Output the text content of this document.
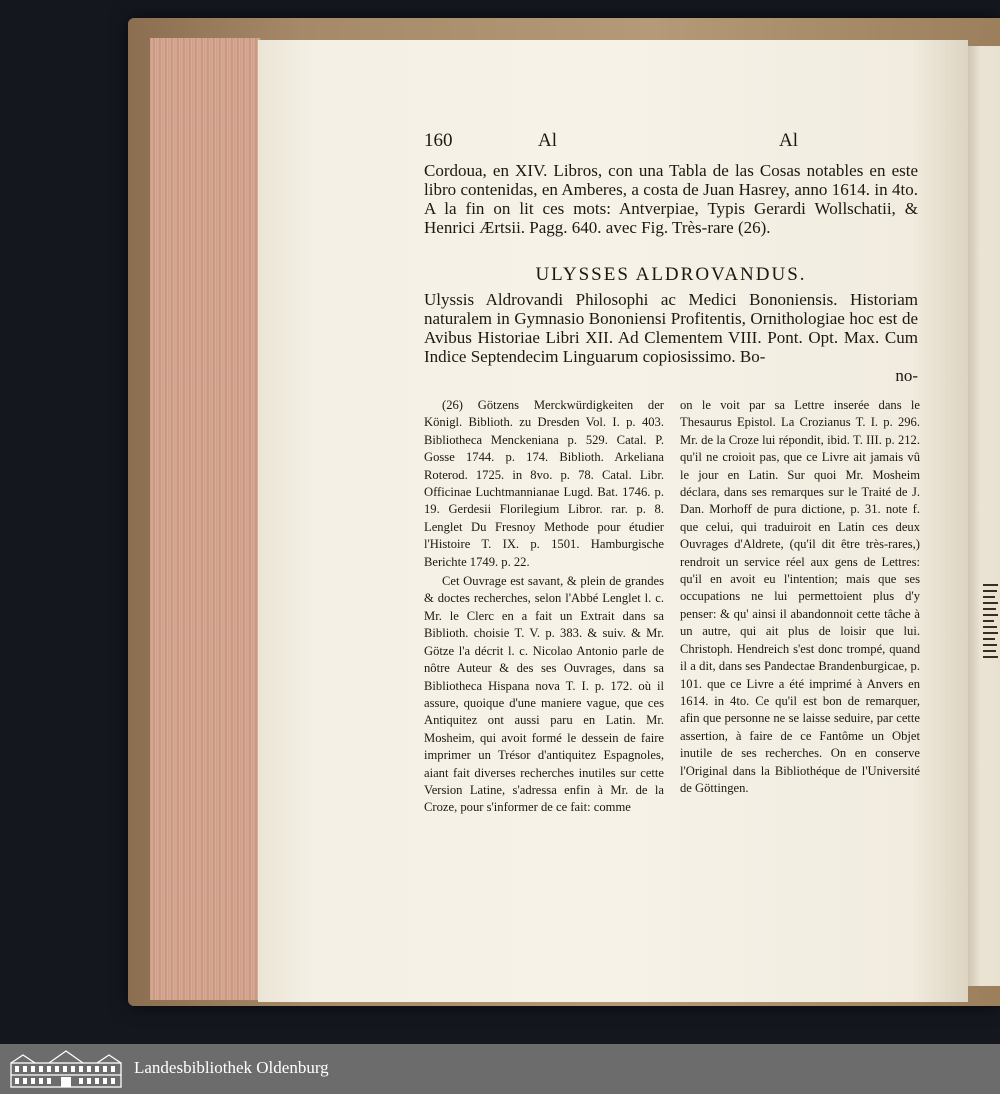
160	Al	Al
Cordoua, en XIV. Libros, con una Tabla de las Cosas notables en este libro contenidas, en Amberes, a costa de Juan Hasrey, anno 1614. in 4to. A la fin on lit ces mots: Antverpiae, Typis Gerardi Wollschatii, & Henrici Ærtsii. Pagg. 640. avec Fig. Très-rare (26).
ULYSSES ALDROVANDUS.
Ulyssis Aldrovandi Philosophi ac Medici Bononiensis. Historiam naturalem in Gymnasio Bononiensi Profitentis, Ornithologiae hoc est de Avibus Historiae Libri XII. Ad Clementem VIII. Pont. Opt. Max. Cum Indice Septendecim Linguarum copiosissimo. Bo-
no-

(26) Götzens Merckwürdigkeiten der Königl. Biblioth. zu Dresden Vol. I. p. 403. Bibliotheca Menckeniana p. 529. Catal. P. Gosse 1744. p. 174. Biblioth. Arkeliana Roterod. 1725. in 8vo. p. 78. Catal. Libr. Officinae Luchtmannianae Lugd. Bat. 1746. p. 19. Gerdesii Florilegium Libror. rar. p. 8. Lenglet Du Fresnoy Methode pour étudier l'Histoire T. IX. p. 1501. Hamburgische Berichte 1749. p. 22.

Cet Ouvrage est savant, & plein de grandes & doctes recherches, selon l'Abbé Lenglet l. c. Mr. le Clerc en a fait un Extrait dans sa Biblioth. choisie T. V. p. 383. & suiv. & Mr. Götze l'a décrit l. c. Nicolao Antonio parle de nôtre Auteur & des ses Ouvrages, dans sa Bibliotheca Hispana nova T. I. p. 172. où il assure, quoique d'une maniere vague, que ces Antiquitez ont aussi paru en Latin. Mr. Mosheim, qui avoit formé le dessein de faire imprimer un Trésor d'antiquitez Espagnoles, aiant fait diverses recherches inutiles sur cette Version Latine, s'adressa enfin à Mr. de la Croze, pour s'informer de ce fait: comme

on le voit par sa Lettre inserée dans le Thesaurus Epistol. La Crozianus T. I. p. 296. Mr. de la Croze lui répondit, ibid. T. III. p. 212. qu'il ne croioit pas, que ce Livre ait jamais vû le jour en Latin. Sur quoi Mr. Mosheim déclara, dans ses remarques sur le Traité de J. Dan. Morhoff de pura dictione, p. 31. note f. que celui, qui traduiroit en Latin ces deux Ouvrages d'Aldrete, (qu'il dit être très-rares,) rendroit un service réel aux gens de Lettres: qu'il en avoit eu l'intention; mais que ses occupations ne lui permettoient plus d'y penser: & qu' ainsi il abandonnoit cette tâche à un autre, qui ait plus de loisir que lui. Christoph. Hendreich s'est donc trompé, quand il a dit, dans ses Pandectae Brandenburgicae, p. 101. que ce Livre a été imprimé à Anvers en 1614. in 4to. Ce qu'il est bon de remarquer, afin que personne ne se laisse seduire, par cette assertion, à faire de ce Fantôme un Objet inutile de ses recherches. On en conserve l'Original dans la Bibliothéque de l'Université de Göttingen.

Landesbibliothek Oldenburg
